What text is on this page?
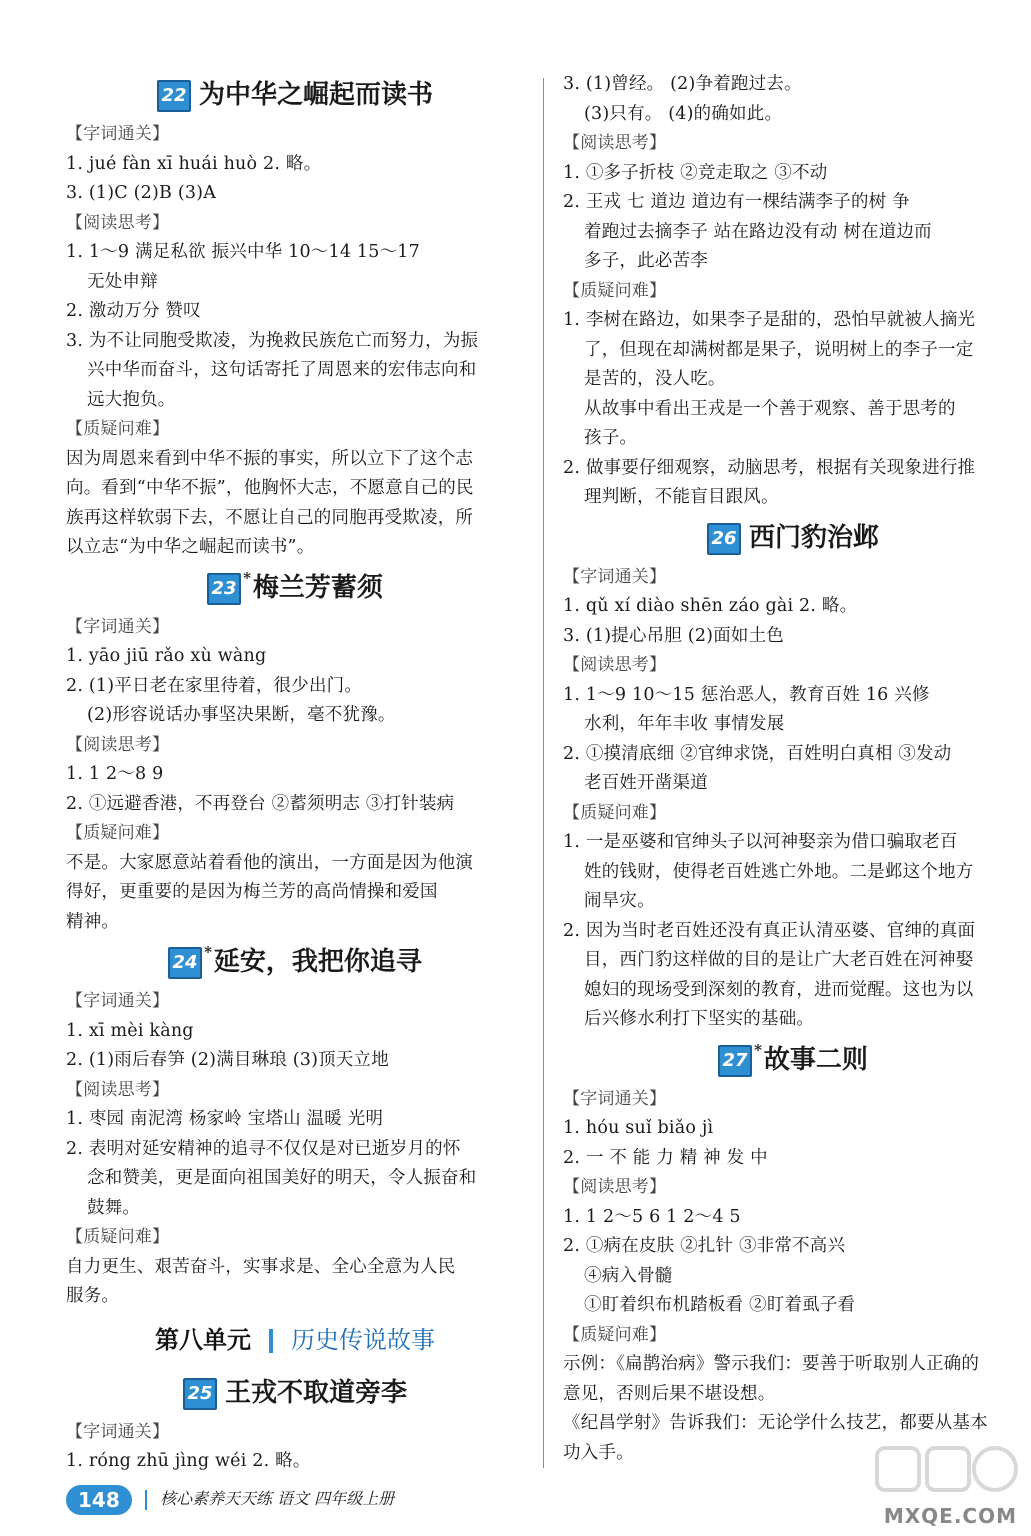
22 为中华之崛起而读书
【字词通关】
1. jué fàn xī huái huò 2. 略。
3. (1)C (2)B (3)A
【阅读思考】
1. 1～9 满足私欲 振兴中华 10～14 15～17
无处申辩
2. 激动万分 赞叹
3. 为不让同胞受欺凌，为挽救民族危亡而努力，为振
兴中华而奋斗，这句话寄托了周恩来的宏伟志向和
远大抱负。
【质疑问难】
因为周恩来看到中华不振的事实，所以立下了这个志
向。看到“中华不振”，他胸怀大志，不愿意自己的民
族再这样软弱下去，不愿让自己的同胞再受欺凌，所
以立志“为中华之崛起而读书”。
23 *梅兰芳蓄须
【字词通关】
1. yāo jiū rǎo xù wàng
2. (1)平日老在家里待着，很少出门。
(2)形容说话办事坚决果断，毫不犹豫。
【阅读思考】
1. 1 2～8 9
2. ①远避香港，不再登台 ②蓄须明志 ③打针装病
【质疑问难】
不是。大家愿意站着看他的演出，一方面是因为他演
得好，更重要的是因为梅兰芳的高尚情操和爱国
精神。
24 *延安，我把你追寻
【字词通关】
1. xī mèi kàng
2. (1)雨后春笋 (2)满目琳琅 (3)顶天立地
【阅读思考】
1. 枣园 南泥湾 杨家岭 宝塔山 温暖 光明
2. 表明对延安精神的追寻不仅仅是对已逝岁月的怀
念和赞美，更是面向祖国美好的明天，令人振奋和
鼓舞。
【质疑问难】
自力更生、艰苦奋斗，实事求是、全心全意为人民
服务。
第八单元 历史传说故事
25 王戎不取道旁李
【字词通关】
1. róng zhū jìng wéi 2. 略。
3. (1)曾经。 (2)争着跑过去。
(3)只有。 (4)的确如此。
【阅读思考】
1. ①多子折枝 ②竞走取之 ③不动
2. 王戎 七 道边 道边有一棵结满李子的树 争
着跑过去摘李子 站在路边没有动 树在道边而
多子，此必苦李
【质疑问难】
1. 李树在路边，如果李子是甜的，恐怕早就被人摘光
了，但现在却满树都是果子，说明树上的李子一定
是苦的，没人吃。
从故事中看出王戎是一个善于观察、善于思考的
孩子。
2. 做事要仔细观察，动脑思考，根据有关现象进行推
理判断，不能盲目跟风。
26 西门豹治邺
【字词通关】
1. qǔ xí diào shēn záo gài 2. 略。
3. (1)提心吊胆 (2)面如土色
【阅读思考】
1. 1～9 10～15 惩治恶人，教育百姓 16 兴修
水利，年年丰收 事情发展
2. ①摸清底细 ②官绅求饶，百姓明白真相 ③发动
老百姓开凿渠道
【质疑问难】
1. 一是巫婆和官绅头子以河神娶亲为借口骗取老百
姓的钱财，使得老百姓逃亡外地。二是邺这个地方
闹旱灾。
2. 因为当时老百姓还没有真正认清巫婆、官绅的真面
目，西门豹这样做的目的是让广大老百姓在河神娶
媳妇的现场受到深刻的教育，进而觉醒。这也为以
后兴修水利打下坚实的基础。
27 *故事二则
【字词通关】
1. hóu suǐ biǎo jì
2. 一 不 能 力 精 神 发 中
【阅读思考】
1. 1 2～5 6 1 2～4 5
2. ①病在皮肤 ②扎针 ③非常不高兴
④病入骨髓
①盯着织布机踏板看 ②盯着虱子看
【质疑问难】
示例：《扁鹊治病》警示我们：要善于听取别人正确的
意见，否则后果不堪设想。
《纪昌学射》告诉我们：无论学什么技艺，都要从基本
功入手。
148	核心素养天天练 语文 四年级上册
MXQE.COM
